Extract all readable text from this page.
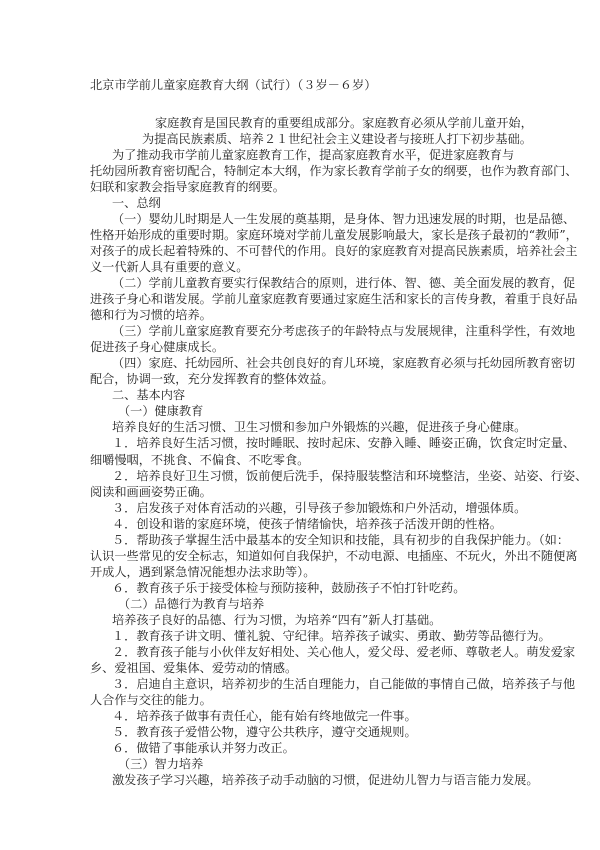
北京市学前儿童家庭教育大纲（试行）（３岁－６岁）

家庭教育是国民教育的重要组成部分。家庭教育必须从学前儿童开始，

为提高民族素质、培养２１世纪社会主义建设者与接班人打下初步基础。

为了推动我市学前儿童家庭教育工作，提高家庭教育水平，促进家庭教育与

托幼园所教育密切配合，特制定本大纲，作为家长教育学前子女的纲要，也作为教育部门、

妇联和家教会指导家庭教育的纲要。

一、总纲

（一）婴幼儿时期是人一生发展的奠基期，是身体、智力迅速发展的时期，也是品德、

性格开始形成的重要时期。家庭环境对学前儿童发展影响最大，家长是孩子最初的“教师”，

对孩子的成长起着特殊的、不可替代的作用。良好的家庭教育对提高民族素质，培养社会主

义一代新人具有重要的意义。

（二）学前儿童教育要实行保教结合的原则，进行体、智、德、美全面发展的教育，促

进孩子身心和谐发展。学前儿童家庭教育要通过家庭生活和家长的言传身教，着重于良好品

德和行为习惯的培养。

（三）学前儿童家庭教育要充分考虑孩子的年龄特点与发展规律，注重科学性，有效地

促进孩子身心健康成长。

（四）家庭、托幼园所、社会共创良好的育儿环境，家庭教育必须与托幼园所教育密切

配合，协调一致，充分发挥教育的整体效益。

二、基本内容

（一）健康教育

培养良好的生活习惯、卫生习惯和参加户外锻炼的兴趣，促进孩子身心健康。

１．培养良好生活习惯，按时睡眠、按时起床、安静入睡、睡姿正确，饮食定时定量、

细嚼慢咽，不挑食、不偏食、不吃零食。

２．培养良好卫生习惯，饭前便后洗手，保持服装整洁和环境整洁，坐姿、站姿、行姿、

阅读和画画姿势正确。

３．启发孩子对体育活动的兴趣，引导孩子参加锻炼和户外活动，增强体质。

４．创设和谐的家庭环境，使孩子情绪愉快，培养孩子活泼开朗的性格。

５．帮助孩子掌握生活中最基本的安全知识和技能，具有初步的自我保护能力。（如：

认识一些常见的安全标志，知道如何自我保护，不动电源、电插座、不玩火，外出不随便离

开成人，遇到紧急情况能想办法求助等）。

６．教育孩子乐于接受体检与预防接种，鼓励孩子不怕打针吃药。

（二）品德行为教育与培养

培养孩子良好的品德、行为习惯，为培养“四有”新人打基础。

１．教育孩子讲文明、懂礼貌、守纪律。培养孩子诚实、勇敢、勤劳等品德行为。

２．教育孩子能与小伙伴友好相处、关心他人，爱父母、爱老师、尊敬老人。萌发爱家

乡、爱祖国、爱集体、爱劳动的情感。

３．启迪自主意识，培养初步的生活自理能力，自己能做的事情自己做，培养孩子与他

人合作与交往的能力。

４．培养孩子做事有责任心，能有始有终地做完一件事。

５．教育孩子爱惜公物，遵守公共秩序，遵守交通规则。

６．做错了事能承认并努力改正。

（三）智力培养

激发孩子学习兴趣，培养孩子动手动脑的习惯，促进幼儿智力与语言能力发展。
